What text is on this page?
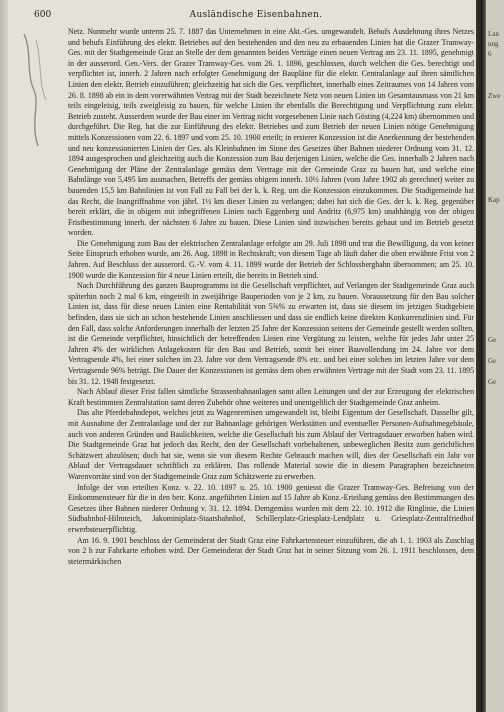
600	Ausländische Eisenbahnen.

Netz. Nunmehr wurde unterm 25. 7. 1887 das Unternehmen in eine Akt.-Ges. umgewandelt. Behufs Ausdehnung ihres Netzes und behufs Einführung des elektr. Betriebes auf den bestehenden und den neu zu erbauenden Linien hat die Grazer Tramway-Ges. mit der Stadtgemeinde Graz an Stelle der dem genannten beiden Verträge einen neuen Vertrag am 23. 11. 1895, genehmigt in der ausserord. Gen.-Vers. der Grazer Tramway-Ges. vom 26. 1. 1896, geschlossen, durch welchen die Ges. berechtigt und verpflichtet ist, innerh. 2 Jahren nach erfolgter Genehmigung der Baupläne für die elektr. Centralanlage auf ihren sämtlichen Linien den elektr. Betrieb einzuführen; gleichzeitig hat sich die Ges. verpflichtet, innerhalb eines Zeitraumes von 14 Jahren vom 26. 8. 1898 ab ein in dem vorerwähnten Vertrag mit der Stadt bezeichnete Netz von neuen Linien im Gesamtausmass von 21 km teils eingeleisig, teils zweigleisig zu bauen, für welche Linien ihr ebenfalls die Berechtigung und Verpflichtung zum elektr. Betrieb zusteht. Ausserdem wurde der Bau einer im Vertrag nicht vorgesehenen Linie nach Gösting (4,224 km) übernommen und durchgeführt. Die Reg. hat die zur Einführung des elektr. Betriebes und zum Betrieb der neuen Linien nötige Genehmigung mittels Konzessionen vom 22. 6. 1897 und vom 25. 10. 1900 erteilt; in ersterer Konzession ist die Anerkennung der bestehenden und neu konzessionierten Linien der Ges. als Kleinbahnen im Sinne des Gesetzes über Bahnen niederer Ordnung vom 31. 12. 1894 ausgesprochen und gleichzeitig auch die Konzession zum Bau derjenigen Linien, welche die Ges. innerhalb 2 Jahren nach Genehmigung der Pläne der Zentralanlage gemäss dem Vertrage mit der Gemeinde Graz zu bauen hat, und welche eine Bahnlänge von 5,495 km ausmachen, Betreffs der gemäss obigem innerh. 10½ Jahren (vom Jahre 1902 ab gerechnet) weiter zu bauenden 15,5 km Bahnlinien ist von Fall zu Fall bei der k. k. Reg. um die Konzession einzukommen. Die Stadtgemeinde hat das Recht, die Inangriffnahme von jährl. 1½ km dieser Linien zu verlangen; dabei hat sich die Ges. der k. k. Reg. gegenüber bereit erklärt, die in obigem mit inbegriffenen Linien nach Eggenberg und Andritz (6,975 km) unabhängig von der obigen Fristbestimmung innerh. der nächsten 6 Jahre zu bauen. Diese Linien sind inzwischen bereits gebaut und im Betrieb gesetzt worden.

Die Genehmigung zum Bau der elektrischen Zentralanlage erfolgte am 29. Juli 1898 und trat die Bewilligung, da von keiner Seite Einspruch erhoben wurde, am 26. Aug. 1898 in Rechtskraft; von diesem Tage ab läuft daher die oben erwähnte Frist von 2 Jahren. Auf Beschluss der ausserord. G.-V. vom 4. 11. 1899 wurde der Betrieb der Schlossbergbahn übernommen; am 25. 10. 1900 wurde die Konzession für 4 neue Linien erteilt, die bereits in Betrieb sind.

Nach Durchführung des ganzen Bauprogramms ist die Gesellschaft verpflichtet, auf Verlangen der Stadtgemeinde Graz auch späterhin noch 2 mal 6 km, eingeteilt in zweijährige Bauperioden von je 2 km, zu bauen. Voraussetzung für den Bau solcher Linien ist, dass für diese neuen Linien eine Rentabilität von 5⅝% zu erwarten ist, dass sie diesem im jetzigen Stadtgebiete befinden, dass sie sich an schon bestehende Linien anschliessen und dass sie endlich keine direkten Konkurrenzlinien sind. Für den Fall, dass solche Anforderungen innerhalb der letzten 25 Jahre der Konzession seitens der Gemeinde gestellt werden sollten, ist die Gemeinde verpflichtet, hinsichtlich der betreffenden Linien eine Vergütung zu leisten, welche für jedes Jahr unter 25 Jahren 4% der wirklichen Anlagekosten für den Bau und Betrieb, somit bei einer Bauvollendung im 24. Jahre vor dem Vertragsende 4%, bei einer solchen im 23. Jahre vor dem Vertragsende 8% etc. und bei einer solchen im letzten Jahre vor dem Vertragsende 96% beträgt. Die Dauer der Konzessionen ist gemäss dem oben erwähnten Vertrage mit der Stadt vom 23. 11. 1895 bis 31. 12. 1948 festgesetzt.

Nach Ablauf dieser Frist fallen sämtliche Strassenbahnanlagen samt allen Leitungen und der zur Erzeugung der elektrischen Kraft bestimmten Zentralstation samt deren Zubehör ohne weiteres und unentgeltlich der Stadtgemeinde Graz anheim.

Das alte Pferdebahndepot, welches jetzt zu Wagenremisen umgewandelt ist, bleibt Eigentum der Gesellschaft. Dasselbe gilt, mit Ausnahme der Zentralanlage und der zur Bahnanlage gehörigen Werkstätten und eventueller Personen-Aufnahmegebäude, auch von anderen Gründen und Baulichkeiten, welche die Gesellschaft bis zum Ablauf der Vertragsdauer erworben haben wird. Die Stadtgemeinde Graz hat jedoch das Recht, den der Gesellschaft vorbehaltenen, unbeweglichen Besitz zum gerichtlichen Schätzwert abzulösen; doch hat sie, wenn sie von diesem Rechte Gebrauch machen will, dies der Gesellschaft ein Jahr vor Ablauf der Vertragsdauer schriftlich zu erklären. Das rollende Material sowie die in diesem Paragraphen bezeichneten Warenvorräte sind von der Stadtgemeinde Graz zum Schätzwerte zu erwerben.

Infolge der von erteilten Konz. v. 22. 10. 1897 u. 25. 10. 1900 geniesst die Grazer Tramway-Ges. Befreiung von der Einkommensteuer für die in den betr. Konz. angeführten Linien auf 15 Jahre ab Konz.-Erteilung gemäss den Bestimmungen des Gesetzes über Bahnen niederer Ordnung v. 31. 12. 1894. Demgemäss wurden mit dem 22. 10. 1912 die Ringlinie, die Linien Südbahnhof-Hilmteich, Jakominiplatz-Staatsbahnhof, Schillerplatz-Griesplatz-Lendplatz u. Griesplatz-Zentralfriedhof erwerbsteuerpflichtig.

Am 16. 9. 1901 beschloss der Gemeinderat der Stadt Graz eine Fahrkartensteuer einzuführen, die ab 1. 1. 1903 als Zuschlag von 2 h zur Fahrkarte erhoben wird. Der Gemeinderat der Stadt Graz hat in seiner Sitzung vom 26. 1. 1911 beschlossen, dem steiermärkischen

Lan
ung
6
Zwe
Kap
Ge
Ge
Ge
